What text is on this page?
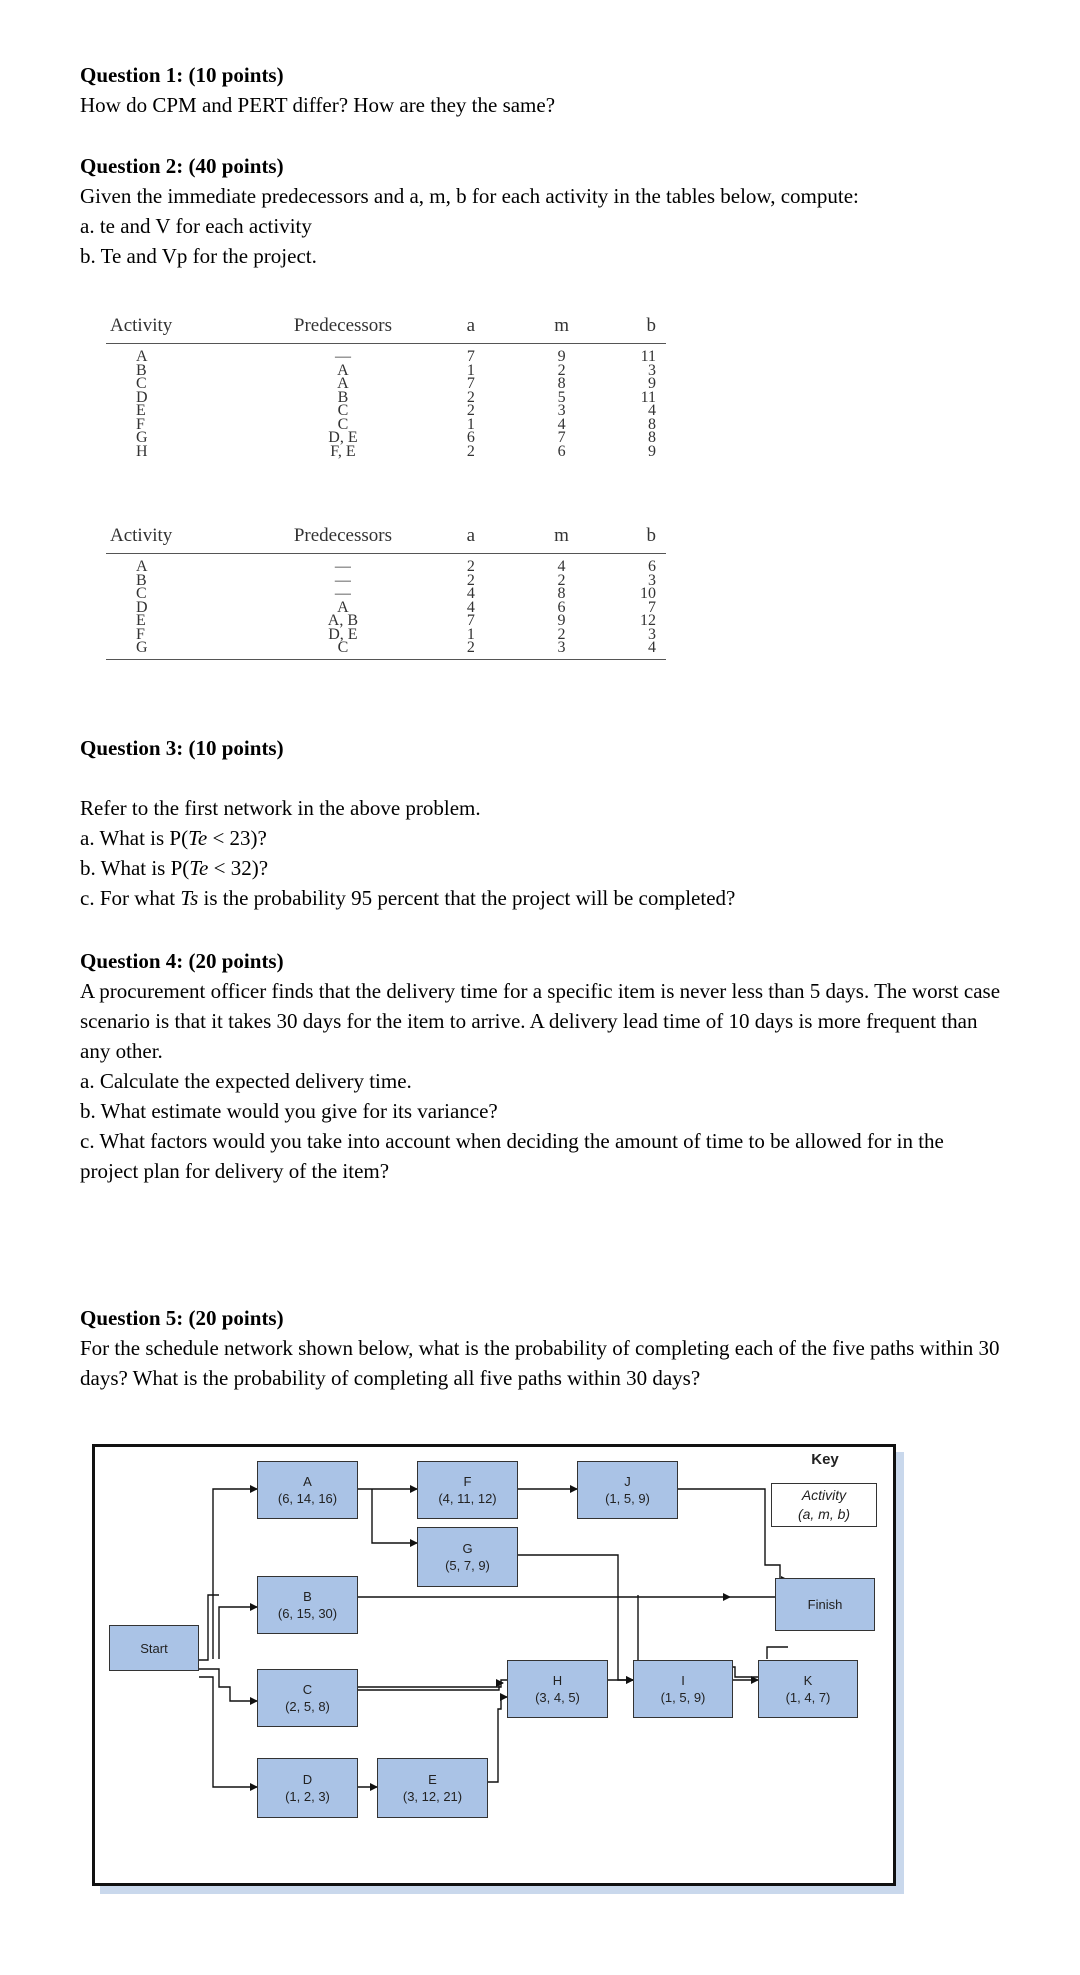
Question 1: (10 points)

How do CPM and PERT differ? How are they the same?

Question 2: (40 points)

Given the immediate predecessors and a, m, b for each activity in the tables below, compute:

a. te and V for each activity

b. Te and Vp for the project.

Activity	Predecessors	a	m	b
A	—	7	9	11
B	A	1	2	3
C	A	7	8	9
D	B	2	5	11
E	C	2	3	4
F	C	1	4	8
G	D, E	6	7	8
H	F, E	2	6	9
Activity	Predecessors	a	m	b
A	—	2	4	6
B	—	2	2	3
C	—	4	8	10
D	A	4	6	7
E	A, B	7	9	12
F	D, E	1	2	3
G	C	2	3	4

Question 3: (10 points)

Refer to the first network in the above problem.

a. What is P(Te < 23)?

b. What is P(Te < 32)?

c. For what Ts is the probability 95 percent that the project will be completed?

Question 4: (20 points)

A procurement officer finds that the delivery time for a specific item is never less than 5 days. The worst case scenario is that it takes 30 days for the item to arrive. A delivery lead time of 10 days is more frequent than any other.

a. Calculate the expected delivery time.

b. What estimate would you give for its variance?

c. What factors would you take into account when deciding the amount of time to be allowed for in the project plan for delivery of the item?

Question 5: (20 points)

For the schedule network shown below, what is the probability of completing each of the five paths within 30 days? What is the probability of completing all five paths within 30 days?

Start
A
(6, 14, 16)
B
(6, 15, 30)
C
(2, 5, 8)
D
(1, 2, 3)
E
(3, 12, 21)
F
(4, 11, 12)
G
(5, 7, 9)
H
(3, 4, 5)
I
(1, 5, 9)
J
(1, 5, 9)
K
(1, 4, 7)
Finish
Key
Activity
(a, m, b)
